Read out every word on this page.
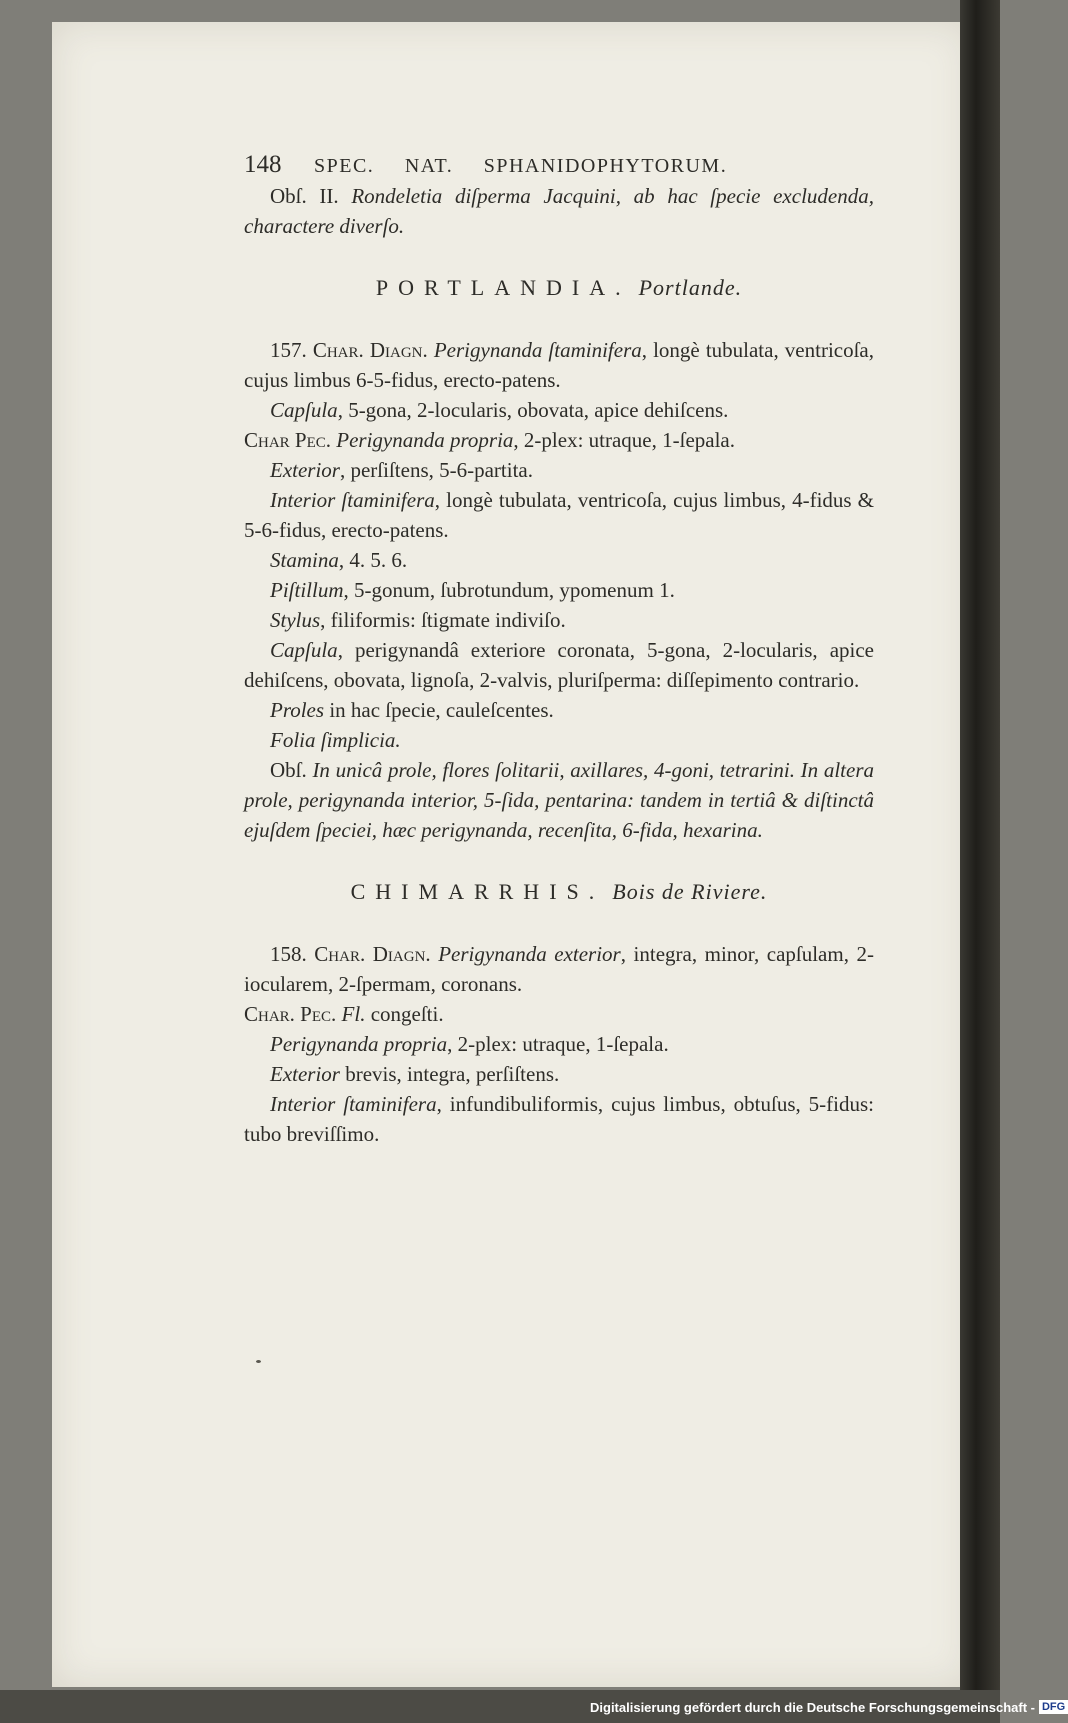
148 SPEC. NAT. SPHANIDOPHYTORUM.

Obſ. II. Rondeletia diſperma Jacquini, ab hac ſpecie excludenda, charactere diverſo.

PORTLANDIA. Portlande.

157. Char. Diagn. Perigynanda ſtaminifera, longè tubulata, ventricoſa, cujus limbus 6-5-fidus, erecto-patens.

Capſula, 5-gona, 2-locularis, obovata, apice dehiſcens.

Char Pec. Perigynanda propria, 2-plex: utraque, 1-ſepala.

Exterior, perſiſtens, 5-6-partita.

Interior ſtaminifera, longè tubulata, ventricoſa, cujus limbus, 4-fidus & 5-6-fidus, erecto-patens.

Stamina, 4. 5. 6.

Piſtillum, 5-gonum, ſubrotundum, ypomenum 1.

Stylus, filiformis: ſtigmate indiviſo.

Capſula, perigynandâ exteriore coronata, 5-gona, 2-locularis, apice dehiſcens, obovata, lignoſa, 2-valvis, pluriſperma: diſſepimento contrario.

Proles in hac ſpecie, cauleſcentes.

Folia ſimplicia.

Obſ. In unicâ prole, flores ſolitarii, axillares, 4-goni, tetrarini. In altera prole, perigynanda interior, 5-ſida, pentarina: tandem in tertiâ & diſtinctâ ejuſdem ſpeciei, hæc perigynanda, recenſita, 6-fida, hexarina.

CHIMARRHIS. Bois de Riviere.

158. Char. Diagn. Perigynanda exterior, integra, minor, capſulam, 2-iocularem, 2-ſpermam, coronans.

Char. Pec. Fl. congeſti.

Perigynanda propria, 2-plex: utraque, 1-ſepala.

Exterior brevis, integra, perſiſtens.

Interior ſtaminifera, infundibuliformis, cujus limbus, obtuſus, 5-fidus: tubo breviſſimo.

Digitalisierung gefördert durch die Deutsche Forschungsgemeinschaft - DFG
